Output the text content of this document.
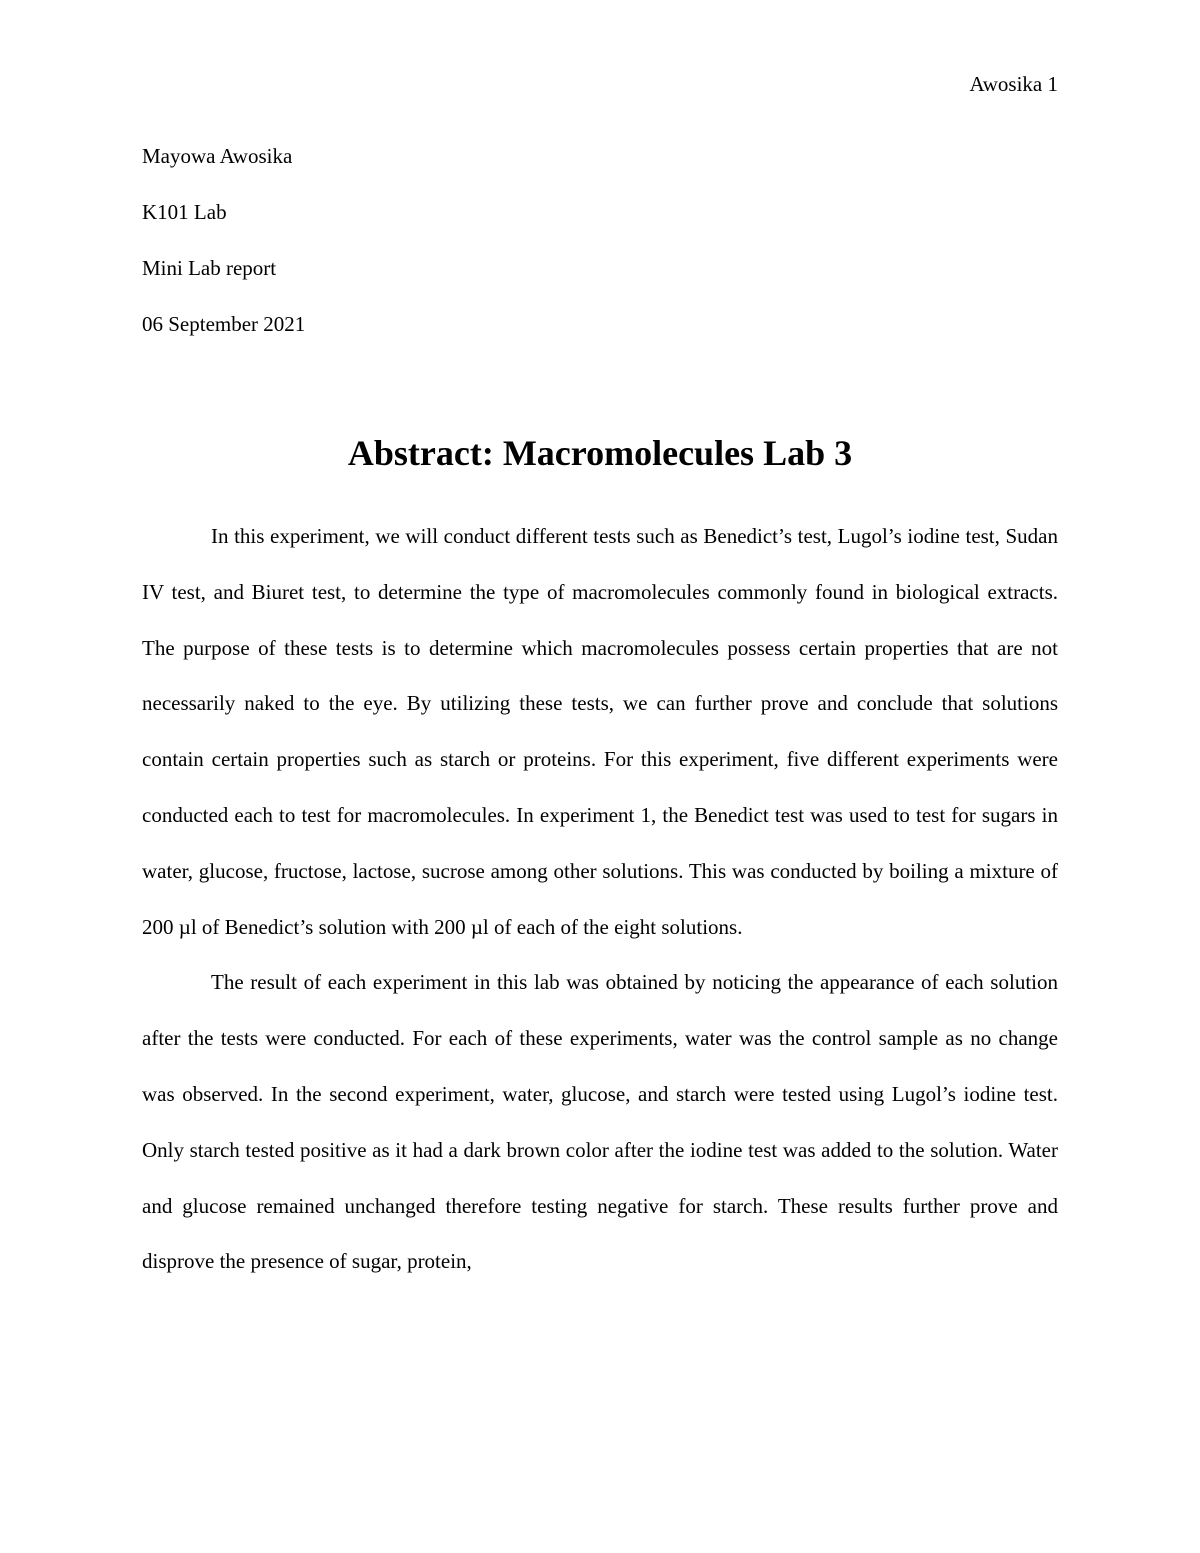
Awosika 1
Mayowa Awosika
K101 Lab
Mini Lab report
06 September 2021
Abstract: Macromolecules Lab 3

In this experiment, we will conduct different tests such as Benedict’s test, Lugol’s iodine test, Sudan IV test, and Biuret test, to determine the type of macromolecules commonly found in biological extracts. The purpose of these tests is to determine which macromolecules possess certain properties that are not necessarily naked to the eye. By utilizing these tests, we can further prove and conclude that solutions contain certain properties such as starch or proteins. For this experiment, five different experiments were conducted each to test for macromolecules. In experiment 1, the Benedict test was used to test for sugars in water, glucose, fructose, lactose, sucrose among other solutions. This was conducted by boiling a mixture of 200 µl of Benedict’s solution with 200 µl of each of the eight solutions.

The result of each experiment in this lab was obtained by noticing the appearance of each solution after the tests were conducted. For each of these experiments, water was the control sample as no change was observed. In the second experiment, water, glucose, and starch were tested using Lugol’s iodine test. Only starch tested positive as it had a dark brown color after the iodine test was added to the solution. Water and glucose remained unchanged therefore testing negative for starch. These results further prove and disprove the presence of sugar, protein,
